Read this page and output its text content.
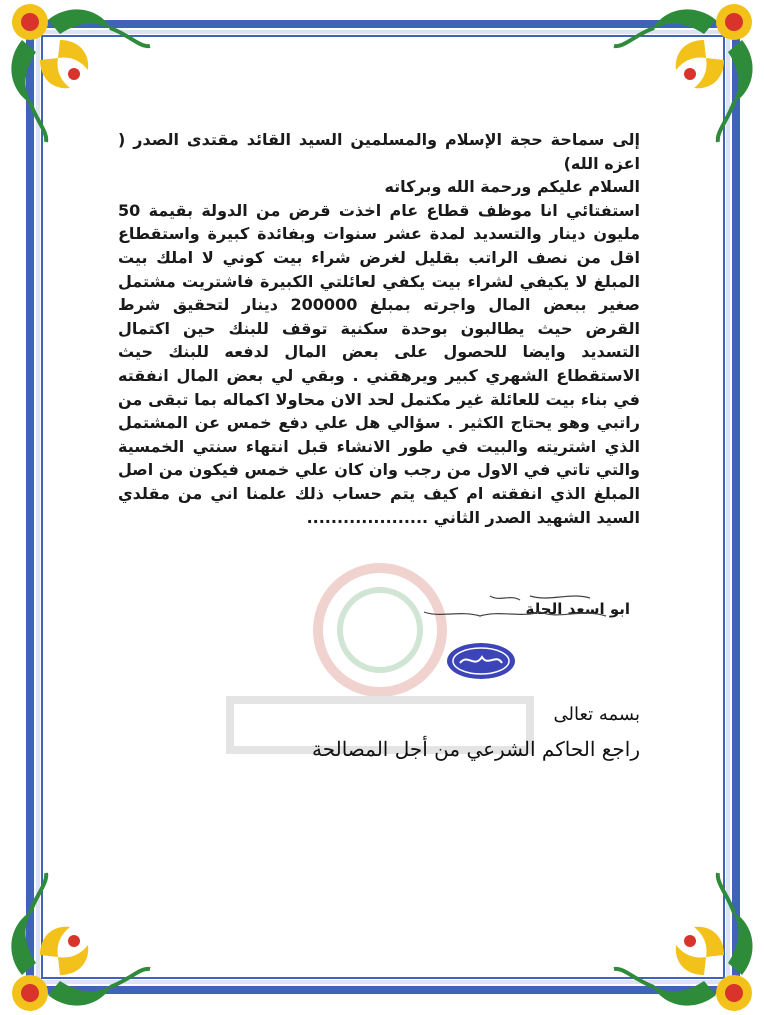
إلى سماحة حجة الإسلام والمسلمين السيد القائد مقتدى الصدر ( اعزه الله)

السلام عليكم ورحمة الله وبركاته

استفتائي انا موظف قطاع عام اخذت قرض من الدولة بقيمة 50 مليون دينار والتسديد لمدة عشر سنوات وبفائدة كبيرة واستقطاع اقل من نصف الراتب بقليل لغرض شراء بيت كوني لا املك بيت المبلغ لا يكيفي لشراء بيت يكفي لعائلتي الكبيرة فاشتريت مشتمل صغير ببعض المال واجرته بمبلغ 200000 دينار لتحقيق شرط القرض حيث يطالبون بوحدة سكنية توقف للبنك حين اكتمال التسديد وايضا للحصول على بعض المال لدفعه للبنك حيث الاستقطاع الشهري كبير ويرهقني . وبقي لي بعض المال انفقته في بناء بيت للعائلة غير مكتمل لحد الان محاولا اكماله بما تبقى من راتبي وهو يحتاج الكثير . سؤالي هل علي دفع خمس عن المشتمل الذي اشتريته والبيت في طور الانشاء قبل انتهاء سنتي الخمسية والتي تاتي في الاول من رجب وان كان علي خمس فيكون من اصل المبلغ الذي انفقته ام كيف يتم حساب ذلك علمنا اني من مقلدي السيد الشهيد الصدر الثاني ....................

ابو اسعد الحلة
بسمه تعالى
راجع الحاكم الشرعي من أجل المصالحة
